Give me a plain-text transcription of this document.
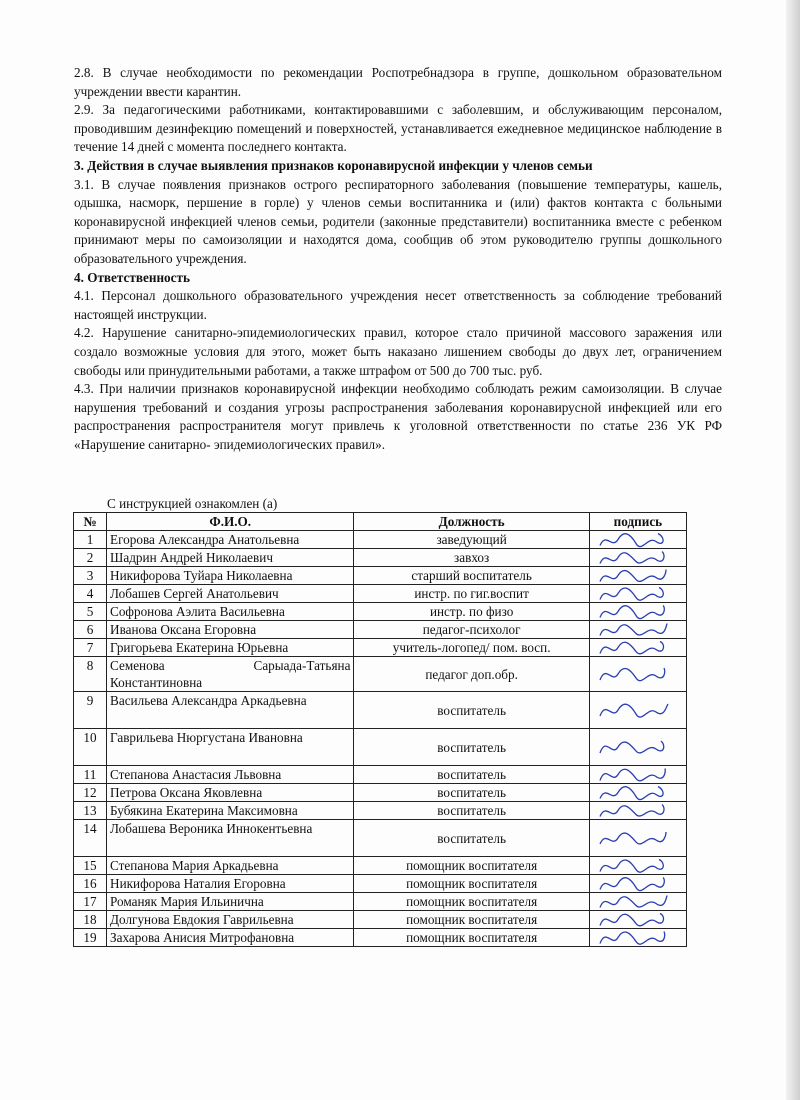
2.8. В случае необходимости по рекомендации Роспотребнадзора в группе, дошкольном образовательном учреждении ввести карантин.

2.9. За педагогическими работниками, контактировавшими с заболевшим, и обслуживающим персоналом, проводившим дезинфекцию помещений и поверхностей, устанавливается ежедневное медицинское наблюдение в течение 14 дней с момента последнего контакта.

3. Действия в случае выявления признаков коронавирусной инфекции у членов семьи

3.1. В случае появления признаков острого респираторного заболевания (повышение температуры, кашель, одышка, насморк, першение в горле) у членов семьи воспитанника и (или) фактов контакта с больными коронавирусной инфекцией членов семьи, родители (законные представители) воспитанника вместе с ребенком принимают меры по самоизоляции и находятся дома, сообщив об этом руководителю группы дошкольного образовательного учреждения.

4. Ответственность

4.1. Персонал дошкольного образовательного учреждения несет ответственность за соблюдение требований настоящей инструкции.

4.2. Нарушение санитарно-эпидемиологических правил, которое стало причиной массового заражения или создало возможные условия для этого, может быть наказано лишением свободы до двух лет, ограничением свободы или принудительными работами, а также штрафом от 500 до 700 тыс. руб.

4.3. При наличии признаков коронавирусной инфекции необходимо соблюдать режим самоизоляции. В случае нарушения требований и создания угрозы распространения заболевания коронавирусной инфекцией или его распространения распространителя могут привлечь к уголовной ответственности по статье 236 УК РФ «Нарушение санитарно- эпидемиологических правил».

С инструкцией ознакомлен (а)
№	Ф.И.О.	Должность	подпись
1	Егорова Александра Анатольевна	заведующий	

2	Шадрин Андрей Николаевич	завхоз	

3	Никифорова Туйара Николаевна	старший воспитатель	

4	Лобашев Сергей Анатольевич	инстр. по гиг.воспит	

5	Софронова Аэлита Васильевна	инстр. по физо	

6	Иванова Оксана Егоровна	педагог-психолог	

7	Григорьева Екатерина Юрьевна	учитель-логопед/ пом. восп.	

8	Семенова Сарыада-Татьяна Константиновна	педагог доп.обр.	

9	Васильева Александра Аркадьевна	воспитатель	

10	Гаврильева Нюргустана Ивановна	воспитатель	

11	Степанова Анастасия Львовна	воспитатель	

12	Петрова Оксана Яковлевна	воспитатель	

13	Бубякина Екатерина Максимовна	воспитатель	

14	Лобашева Вероника Иннокентьевна	воспитатель	

15	Степанова Мария Аркадьевна	помощник воспитателя	

16	Никифорова Наталия Егоровна	помощник воспитателя	

17	Романяк Мария Ильинична	помощник воспитателя	

18	Долгунова Евдокия Гаврильевна	помощник воспитателя	

19	Захарова Анисия Митрофановна	помощник воспитателя	
